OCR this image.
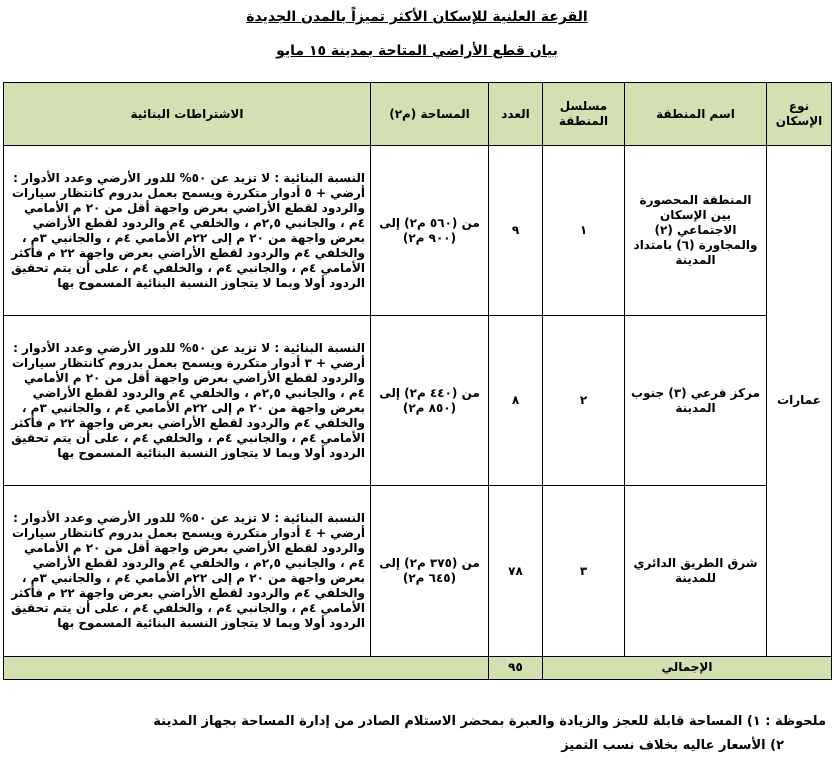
القرعة العلنية للإسكان الأكثر تميزاً بالمدن الجديدة
بيان قطع الأراضي المتاحة بمدينة ١٥ مايو
نوع الإسكان	اسم المنطقة	مسلسل المنطقة	العدد	المساحة (م٢)	الاشتراطات البنائية
عمارات	المنطقة المحصورة بين الإسكان الاجتماعي (٢) والمجاورة (٦) بامتداد المدينة	١	٩	من (٥٦٠ م٢) إلى (٩٠٠ م٢)	النسبة البنائية : لا تزيد عن ٥٠% للدور الأرضي وعدد الأدوار : أرضي + ٥ أدوار متكررة ويسمح بعمل بدروم كانتظار سيارات والردود لقطع الأراضي بعرض واجهة أقل من ٢٠ م الأمامي ٤م ، والجانبي ٢,٥م ، والخلفي ٤م والردود لقطع الأراضي بعرض واجهة من ٢٠ م إلى ٢٢م الأمامي ٤م ، والجانبي ٣م ، والخلفي ٤م والردود لقطع الأراضي بعرض واجهة ٢٢ م فأكثر الأمامي ٤م ، والجانبي ٤م ، والخلفي ٤م ، على أن يتم تحقيق الردود أولا وبما لا يتجاوز النسبة البنائية المسموح بها
	مركز فرعي (٣) جنوب المدينة	٢	٨	من (٤٤٠ م٢) إلى (٨٥٠ م٢)	النسبة البنائية : لا تزيد عن ٥٠% للدور الأرضي وعدد الأدوار : أرضي + ٣ أدوار متكررة ويسمح بعمل بدروم كانتظار سيارات والردود لقطع الأراضي بعرض واجهة أقل من ٢٠ م الأمامي ٤م ، والجانبي ٢,٥م ، والخلفي ٤م والردود لقطع الأراضي بعرض واجهة من ٢٠ م إلى ٢٢م الأمامي ٤م ، والجانبي ٣م ، والخلفي ٤م والردود لقطع الأراضي بعرض واجهة ٢٢ م فأكثر الأمامي ٤م ، والجانبي ٤م ، والخلفي ٤م ، على أن يتم تحقيق الردود أولا وبما لا يتجاوز النسبة البنائية المسموح بها
	شرق الطريق الدائري للمدينة	٣	٧٨	من (٣٧٥ م٢) إلى (٦٤٥ م٢)	النسبة البنائية : لا تزيد عن ٥٠% للدور الأرضي وعدد الأدوار : أرضي + ٤ أدوار متكررة ويسمح بعمل بدروم كانتظار سيارات والردود لقطع الأراضي بعرض واجهة أقل من ٢٠ م الأمامي ٤م ، والجانبي ٢,٥م ، والخلفي ٤م والردود لقطع الأراضي بعرض واجهة من ٢٠ م إلى ٢٢م الأمامي ٤م ، والجانبي ٣م ، والخلفي ٤م والردود لقطع الأراضي بعرض واجهة ٢٢ م فأكثر الأمامي ٤م ، والجانبي ٤م ، والخلفي ٤م ، على أن يتم تحقيق الردود أولا وبما لا يتجاوز النسبة البنائية المسموح بها
الإجمالي			٩٥		
ملحوظة : ١) المساحة قابلة للعجز والزيادة والعبرة بمحضر الاستلام الصادر من إدارة المساحة بجهاز المدينة
٢) الأسعار عاليه بخلاف نسب التميز
